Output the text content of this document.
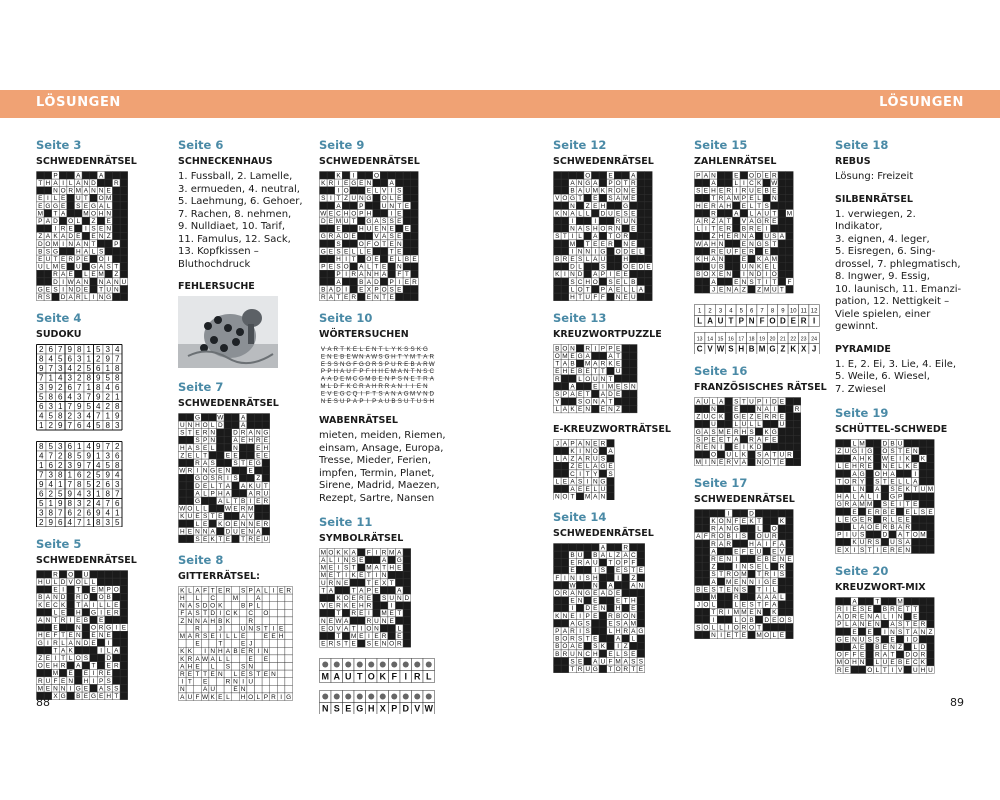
LÖSUNGEN	LÖSUNGEN
Seite 3
SCHWEDENRÄTSEL
P	A	A
T H A I L A N D	R
N O R M A N N E
E I L E U T O M
E G G E S E G A L
M T A	M O H N
P A D O L Z E
I R E I S E N
Z A K A D E E N Z
D O M I N A N T	P
B S G	H A L S
E U T E R P E O I
U L M E U G A S T
R A E L E M Z
D I W A N N A N U
G E S I N D E T U N
R S D A R L I N G
Seite 4
SUDOKU
2 6 7 9 8 1 5 3 4
8 4 5 6 3 1 2 9 7
9 7 3 4 2 5 6 1 8
7 1 4 3 2 8 9 5 8
3 9 2 6 7 1 8 4 6
5 8 6 4 3 7 9 2 1
6 3 1 7 9 5 4 2 8
4 5 8 2 3 4 7 1 9
1 2 9 7 6 4 5 8 3
8 5 3 6 1 4 9 7 2
4 7 2 8 5 9 1 3 6
1 6 2 3 9 7 4 5 8
7 3 8 1 6 2 5 9 4
9 4 1 7 8 5 2 6 3
6 2 5 9 4 3 1 8 7
5 1 9 8 3 2 4 7 6
3 8 7 6 2 6 9 4 1
2 9 6 4 7 1 8 3 5
Seite 5
SCHWEDENRÄTSEL
R O U
H U L D V O L L
E I T E M P O
B A N D R D O B
K E C K T A I L L E
L E H G I E R
A N T R I E B E
E	N O R G I E
H E F T E N E N E
G I R L A N D E I
T A K	I L A
Z E I T L O S	D
O E H R A T E R
M E E I R E
R U F E N H I P S
M E N N I G E A S S
X G B E G E H T
Seite 6
SCHNECKENHAUS
1. Fussball, 2. Lamelle,
3. ermueden, 4. neutral,
5. Laehmung, 6. Gehoer,
7. Rachen, 8. nehmen,
9. Nulldiaet, 10. Tarif,
11. Famulus, 12. Sack,
13. Kopfkissen –
Bluthochdruck
FEHLERSUCHE
Seite 7
SCHWEDENRÄTSEL
G	W	A
U N H O L D	A
S T E R N	D R A N G
S P N	A E H R E
H A S E L	N	E H
Z E L T	E E	E E
R A S	S T E G
W R I N G E N	E
G O S R I S	Z
D E L T A A K U T
A L P H A	A R U
G	A L T B I E R
W O L L	W E R M
K U E S T E	A V
L E K O E N N E R
H E N N A D U E N A
S E K T E T R E U
Seite 8
GITTERRÄTSEL:
K L A F T E R S P A L I E R
H L C	M	A
N A S D O K	B P L
F A S T D I C K C O
Z N N A H B K	R
R	J	U N S T I E
M A R S E I L L E	E E H
E	T	E J
K K I N H A B E R I N
K R A W A L L	E E
A H E L S S N
R E T T E N L E S T E N
I T E	R N I U
N	A U	E N
A U F W K E L H O L P R I G
Seite 9
SCHWEDENRÄTSEL
K I	O
K R I E G E N	A
I O	E L V I S
S I T Z U N G O L E
A	P	U N T E
W E C H O P H	I E
D E M U T G A S S E
E	H U E N E E
G R A D E	V A S E
S	O F O T E N
G E S E L L E	T E
H I T O E E L B E
P E S O A L T E N
P I R A N H A F T
A	B A D P I E R
B A D I E X P O S E
R A T E R E N T E
Seite 10
WÖRTERSUCHEN
V A R T K E L E N T L Y K S S K G
E N E B E W N A W S G H T Y M T A R
E S S N G F G O R S P U R E B A R W
P P H A U F P F H H E M A N T N S C
A A D E M C G M B E N P S N E T R A
M L D F K C R A H R R A N I I E N
E V E G C Q I F T S A N A G M V N D
N E S U P A P I P A U B S U T U S H
WABENRÄTSEL
mieten, meiden, Riemen,
einsam, Ansage, Europa,
Tresse, Mieder, Ferien,
impfen, Termin, Planet,
Sirene, Madrid, Maezen,
Rezept, Sartre, Nansen
Seite 11
SYMBOLRÄTSEL
M O K K A F I R M A
A L I N S E	A G
M E I S T M A T H E
M E T I K E T I N
U R N E	T E X T
T A	T A P E	A
K O E R E S U N D
V E R K E H R	I
T R E I M E T
N E W A	R U N E
E O V A T I O N	L
T M E I E R E
E R S T E S E N O R
M A U T O K F I R L
N S E G H X P D V W
Seite 12
SCHWEDENRÄTSEL
O	E	A
A N G A P O T R
B A U M K R O N E
V O G T E S A M E
N Z E H	G
K N A L L D U E S E
I	I	R U N
N A S H O R N E
S T I L A T O R
M T E E R N E
I N N I G O D E L
B R E S L A U	H
D L	S	O E D E
K I N D A P I E E
S C H O S E L B
L O T P A E L L A
H T U F F N E U
Seite 13
KREUZWORTPUZZLE
B O N R I P P E
O M E G A	A T
T A B M A R K E
E H E B E T T U
R	L O U N T
A	E I M E S N
S P A E T A D E
Y	S O N A T
L A K E N E N Z
E-KREUZWORTRÄTSEL
J A P A N E R
K I N O A
L A Z A R U S
Z E L A G E
C I T Y S
L E A S I N G
A E E L U
N O T M A N
Seite 14
SCHWEDENRÄTSEL
A	R
B U B A L Z A C
E R A U T O P F
E	I S E S T E
F I N I S H	I Z
W	N A	A N
O R A N G E A D E
E N E	E T H
I D E N H E
K N E I P E R B O N
A G S	E S A M
P A R I S	L H R A G
B O R S T E	A L
B O A E S K I Z
B R U N C H E L S E
S E A U F M A S S
T R U G T O R T E
Seite 15
ZAHLENRÄTSEL
P A N	E O D E R
A	L I C K W
S E H E R I R U E B E
T R A M P E L N
H E R A H E L T S
R	A L A U T M
A R Z A T V A G R E
L I T E R B R E I
Z H E R N A U S A
W A H N	E N G S T
R E U F E R E
K H A N	E K A M
U B	U N K E L
B O X E N I N D I O
A	E N S T I T F
J E N A Z Z M U T
1 2 3 4 5 6 7 8 9 10 11 12
L A U T P N F O D E R I
13 14 15 16 17 18 19 20 21 22 23 24
C V W S H B M G Z K X J
Seite 16
FRANZÖSISCHES RÄTSEL
A U L A S T U P I D E
N	E	N A I	R
Z U C K G E Z E R R E
U	L U L L	U
G A S M E R H S K G
S P E E T A R A F E
R E N I E I K D
O U L K S A T U R
M I N E R V A N O T E
Seite 17
SCHWEDENRÄTSEL
I	D
K O N F E K T	K
R A N G	L O
A F R O B I S O U R
R A R	H A I F A
A	E F E U E V
R E N I	E B E N E
Z	I N S E L R
S T R O M T R I S
A M E N N I G E
B E S T E N S T I L
M	R	A A A L
J O L	L E S T F A
T R I M M E N K
I	L O B D E O S
S O L L I O R O T
N I E T E M O L E
Seite 18
REBUS
Lösung: Freizeit
SILBENRÄTSEL
1. verwiegen, 2. Indikator,
3. eignen, 4. leger,
5. Eisregen, 6. Sing-
drossel, 7. phlegmatisch,
8. Ingwer, 9. Essig,
10. launisch, 11. Emanzi-
pation, 12. Nettigkeit –
Viele spielen, einer
gewinnt.
PYRAMIDE
1. E, 2. Ei, 3. Lie, 4. Eile,
5. Weile, 6. Wiesel,
7. Zwiesel
Seite 19
SCHÜTTEL-SCHWEDE
L M	D B U
Z U G I G O S T E N
A H K W E I K K
L E H R E N E L K E
A G O H A	I
T O R Y S T E L L A
L N A S E K T U M
H A L A L I G P
G R A M M S E I T E
E E R B E E L S E
L E G E R R L E E
L A O E R B A R
P I U S	D A T O M
K U R S U S A
E X I S T I E R E N
Seite 20
KREUZWORT-MIX
A	T	M
R I E S E B R E T T
A D R E N A L I N E
P L A N E N A S T E R
E E I N S T A N Z
G E N U S S E I D
A E B E N Z L D
O F F E R A T D O R
M O H N L U E B E C K
R E	O L T I V U H U
88	89
